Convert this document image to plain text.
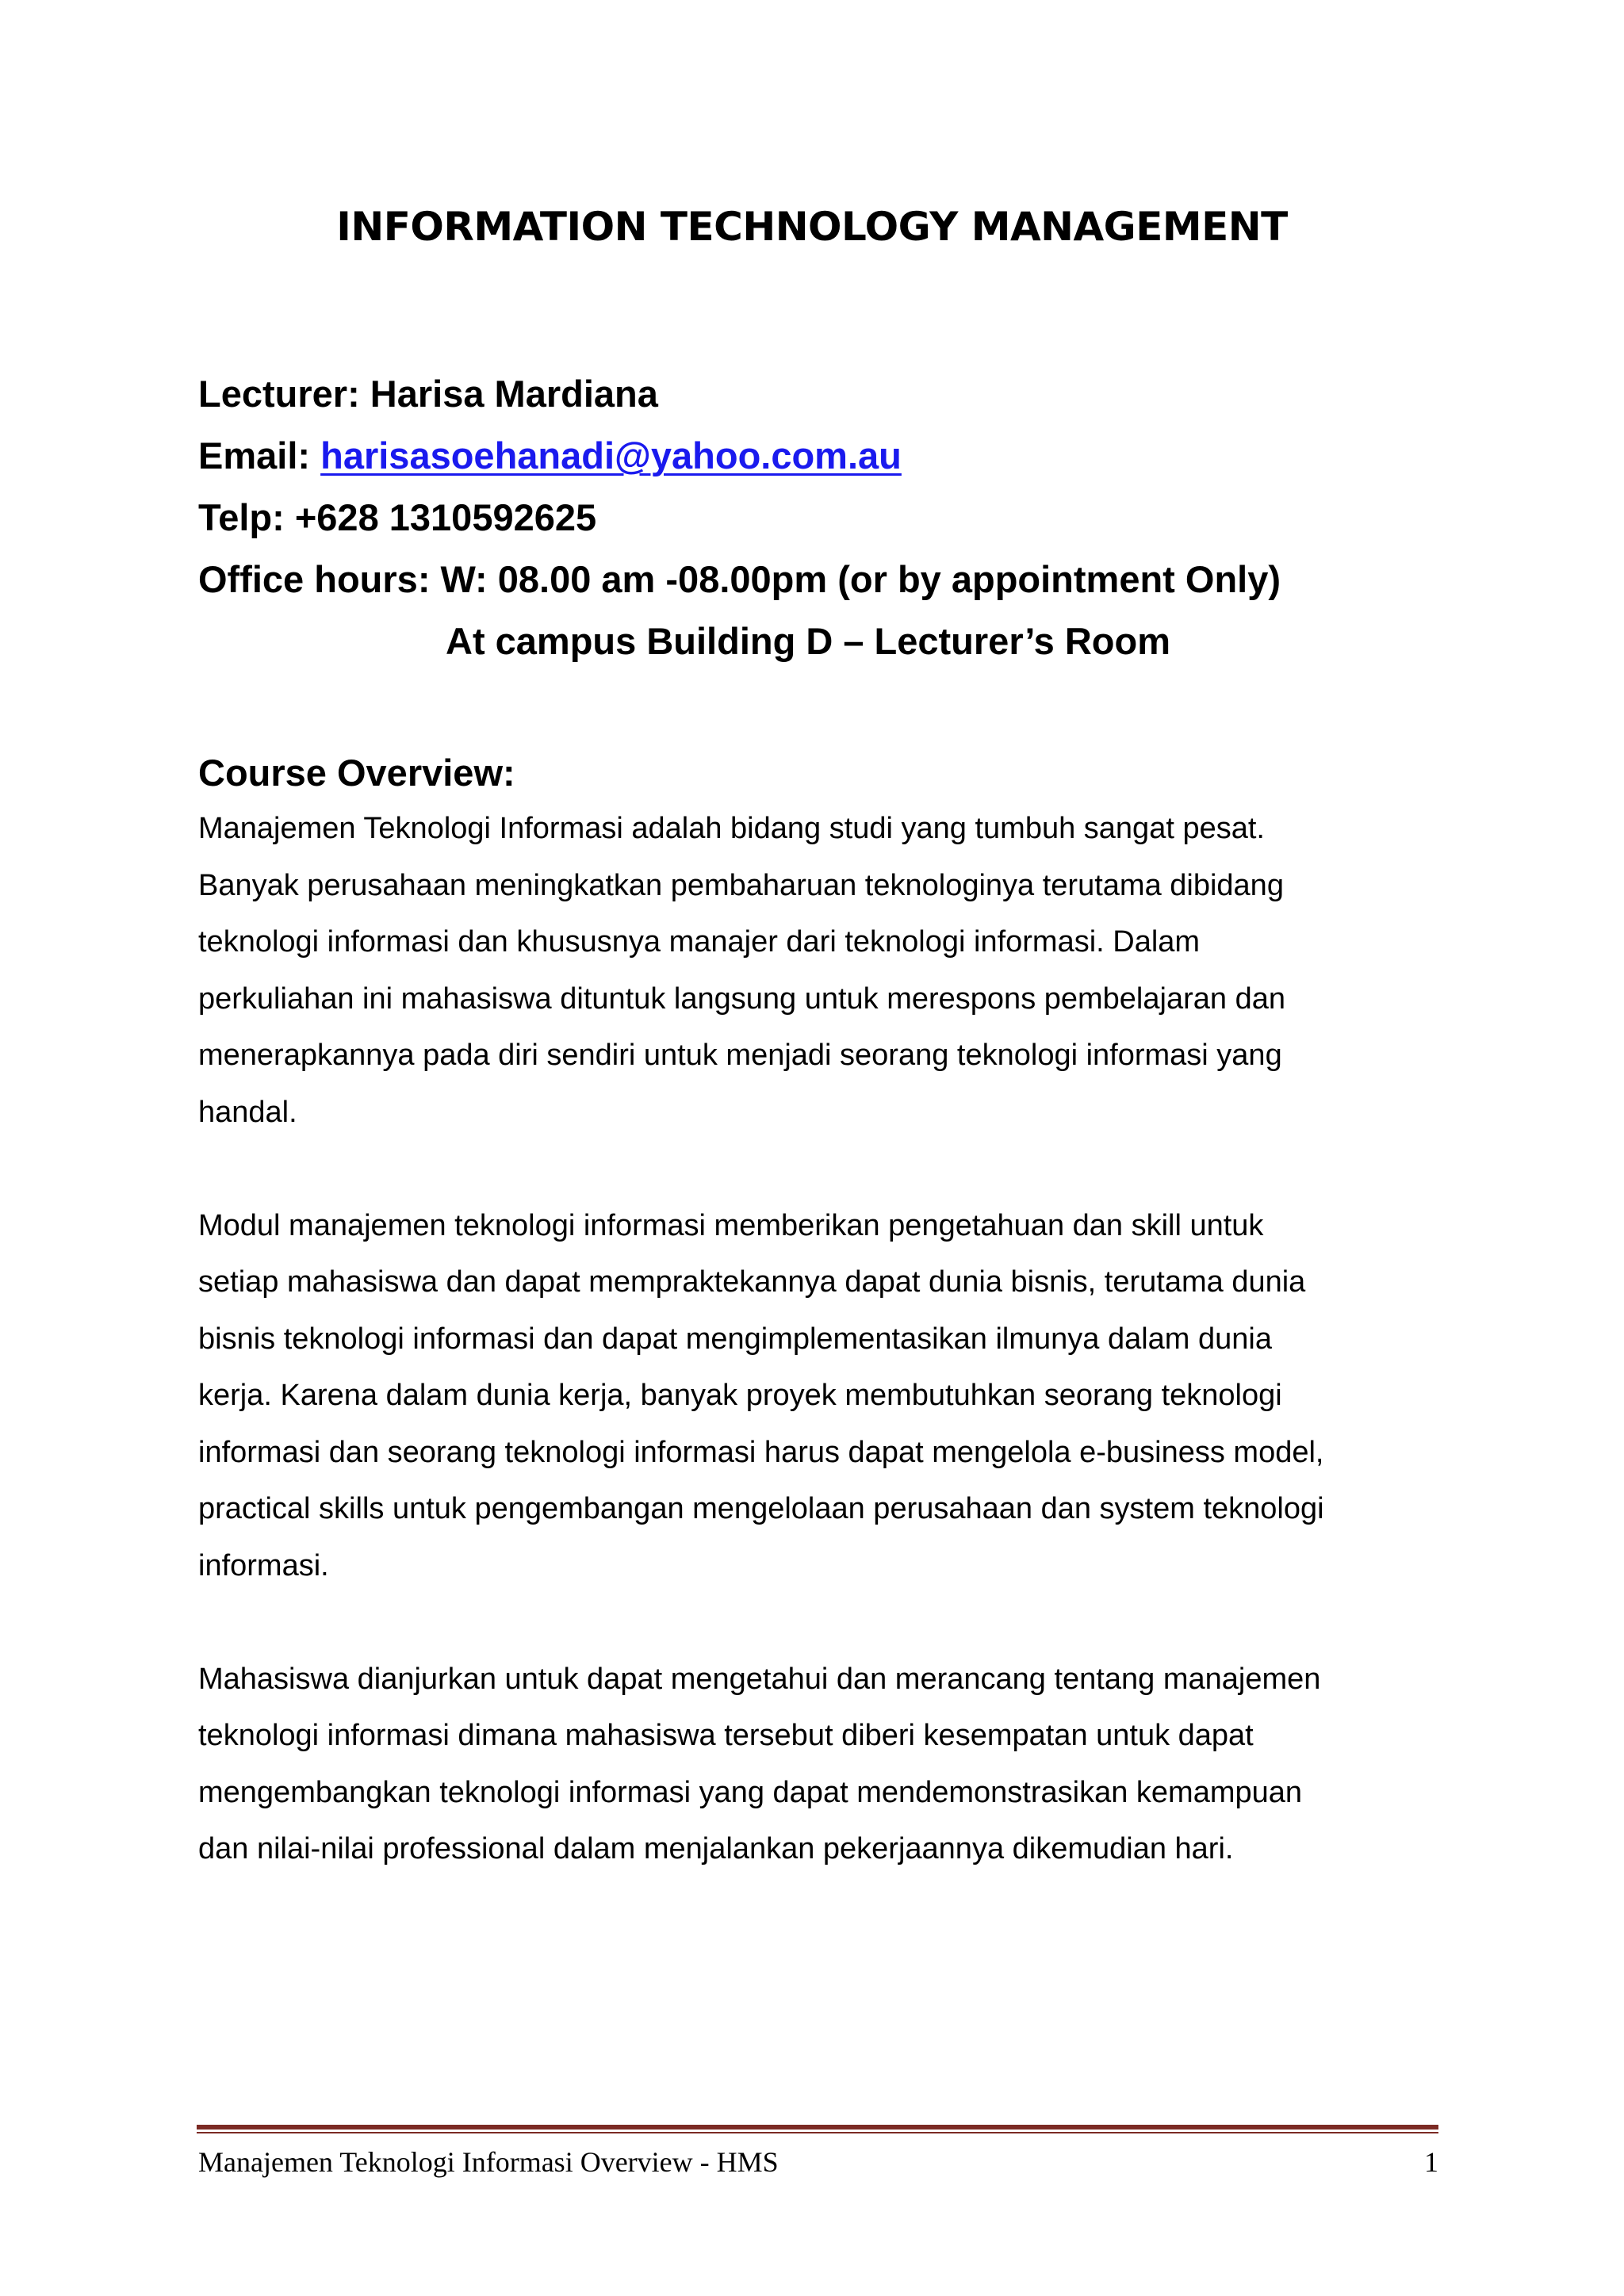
INFORMATION TECHNOLOGY MANAGEMENT
Lecturer: Harisa Mardiana
Email: harisasoehanadi@yahoo.com.au
Telp: +628 1310592625
Office hours: W: 08.00 am -08.00pm (or by appointment Only)
At campus Building D – Lecturer’s Room
Course Overview:

Manajemen Teknologi Informasi adalah bidang studi yang tumbuh sangat pesat.
Banyak perusahaan meningkatkan pembaharuan teknologinya terutama dibidang
teknologi informasi dan khususnya manajer dari teknologi informasi. Dalam
perkuliahan ini mahasiswa dituntuk langsung untuk merespons pembelajaran dan
menerapkannya pada diri sendiri untuk menjadi seorang teknologi informasi yang
handal.

Modul manajemen teknologi informasi memberikan pengetahuan dan skill untuk
setiap mahasiswa dan dapat mempraktekannya dapat dunia bisnis, terutama dunia
bisnis teknologi informasi dan dapat mengimplementasikan ilmunya dalam dunia
kerja. Karena dalam dunia kerja, banyak proyek membutuhkan seorang teknologi
informasi dan seorang teknologi informasi harus dapat mengelola e-business model,
practical skills untuk pengembangan mengelolaan perusahaan dan system teknologi
informasi.

Mahasiswa dianjurkan untuk dapat mengetahui dan merancang tentang manajemen
teknologi informasi dimana mahasiswa tersebut diberi kesempatan untuk dapat
mengembangkan teknologi informasi yang dapat mendemonstrasikan kemampuan
dan nilai-nilai professional dalam menjalankan pekerjaannya dikemudian hari.

Manajemen Teknologi Informasi Overview - HMS	1
